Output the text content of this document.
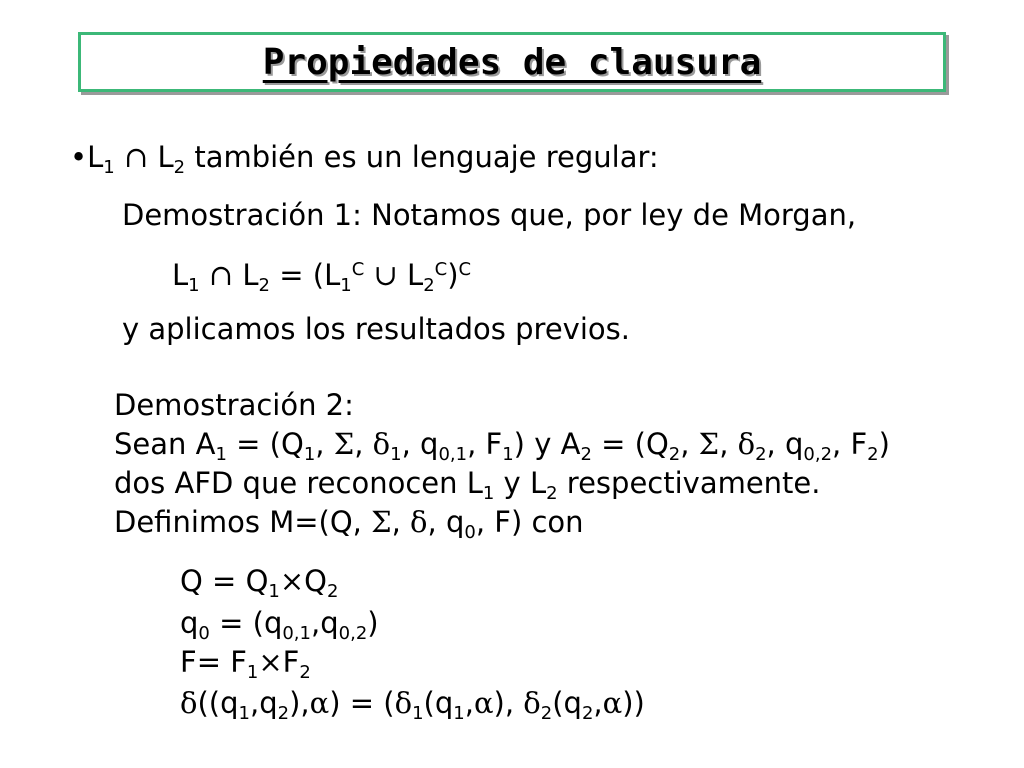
Propiedades de clausura
$•L_1$ ∩ $L_2$ también es un lenguaje regular:
Demostración 1: Notamos que, por ley de Morgan,
$L_1$ ∩ $L_2 = (L_1^C$ ∪ $L_2^C)^C$
y aplicamos los resultados previos.
Demostración 2:
Sean $A_1 = (Q_1$, Σ, $\delta_1$, $q_{0,1}$, $F_1$) y $A_2 = (Q_2$, Σ, $\delta_2$, $q_{0,2}$, $F_2$)
dos AFD que reconocen $L_1$ y $L_2$ respectivamente.
Definimos M=(Q, Σ, δ, $q_0$, F) con
$Q = Q_1\times Q_2$
$q_0 = (q_{0,1},q_{0,2})$
$F= F_1\times F_2$
$\delta((q_1,q_2),\alpha) = (\delta_1(q_1,\alpha)$, $\delta_2(q_2,\alpha)$)
